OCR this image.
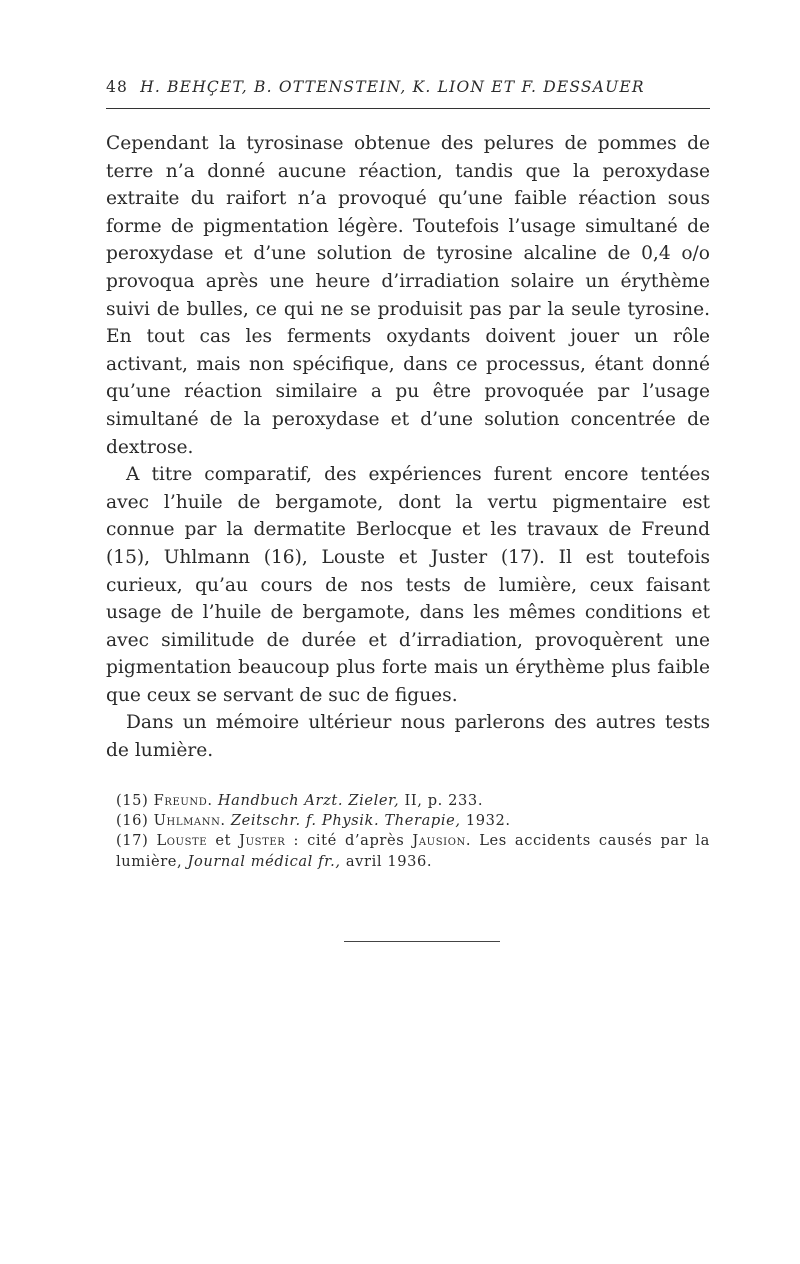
48 H. BEHÇET, B. OTTENSTEIN, K. LION ET F. DESSAUER

Cependant la tyrosinase obtenue des pelures de pommes de terre n’a donné aucune réaction, tandis que la peroxydase extraite du raifort n’a provoqué qu’une faible réaction sous forme de pigmentation légère. Toutefois l’usage simultané de peroxydase et d’une solution de tyrosine alcaline de 0,4 o/o provoqua après une heure d’irradiation solaire un érythème suivi de bulles, ce qui ne se produisit pas par la seule tyrosine. En tout cas les ferments oxydants doivent jouer un rôle activant, mais non spécifique, dans ce processus, étant donné qu’une réaction similaire a pu être provoquée par l’usage simultané de la peroxydase et d’une solution concentrée de dextrose.

A titre comparatif, des expériences furent encore tentées avec l’huile de bergamote, dont la vertu pigmentaire est connue par la dermatite Berlocque et les travaux de Freund (15), Uhlmann (16), Louste et Juster (17). Il est toutefois curieux, qu’au cours de nos tests de lumière, ceux faisant usage de l’huile de bergamote, dans les mêmes conditions et avec similitude de durée et d’irradiation, provoquèrent une pigmentation beaucoup plus forte mais un érythème plus faible que ceux se servant de suc de figues.

Dans un mémoire ultérieur nous parlerons des autres tests de lumière.

(15) Freund. Handbuch Arzt. Zieler, II, p. 233.

(16) Uhlmann. Zeitschr. f. Physik. Therapie, 1932.

(17) Louste et Juster : cité d’après Jausion. Les accidents causés par la lumière, Journal médical fr., avril 1936.
